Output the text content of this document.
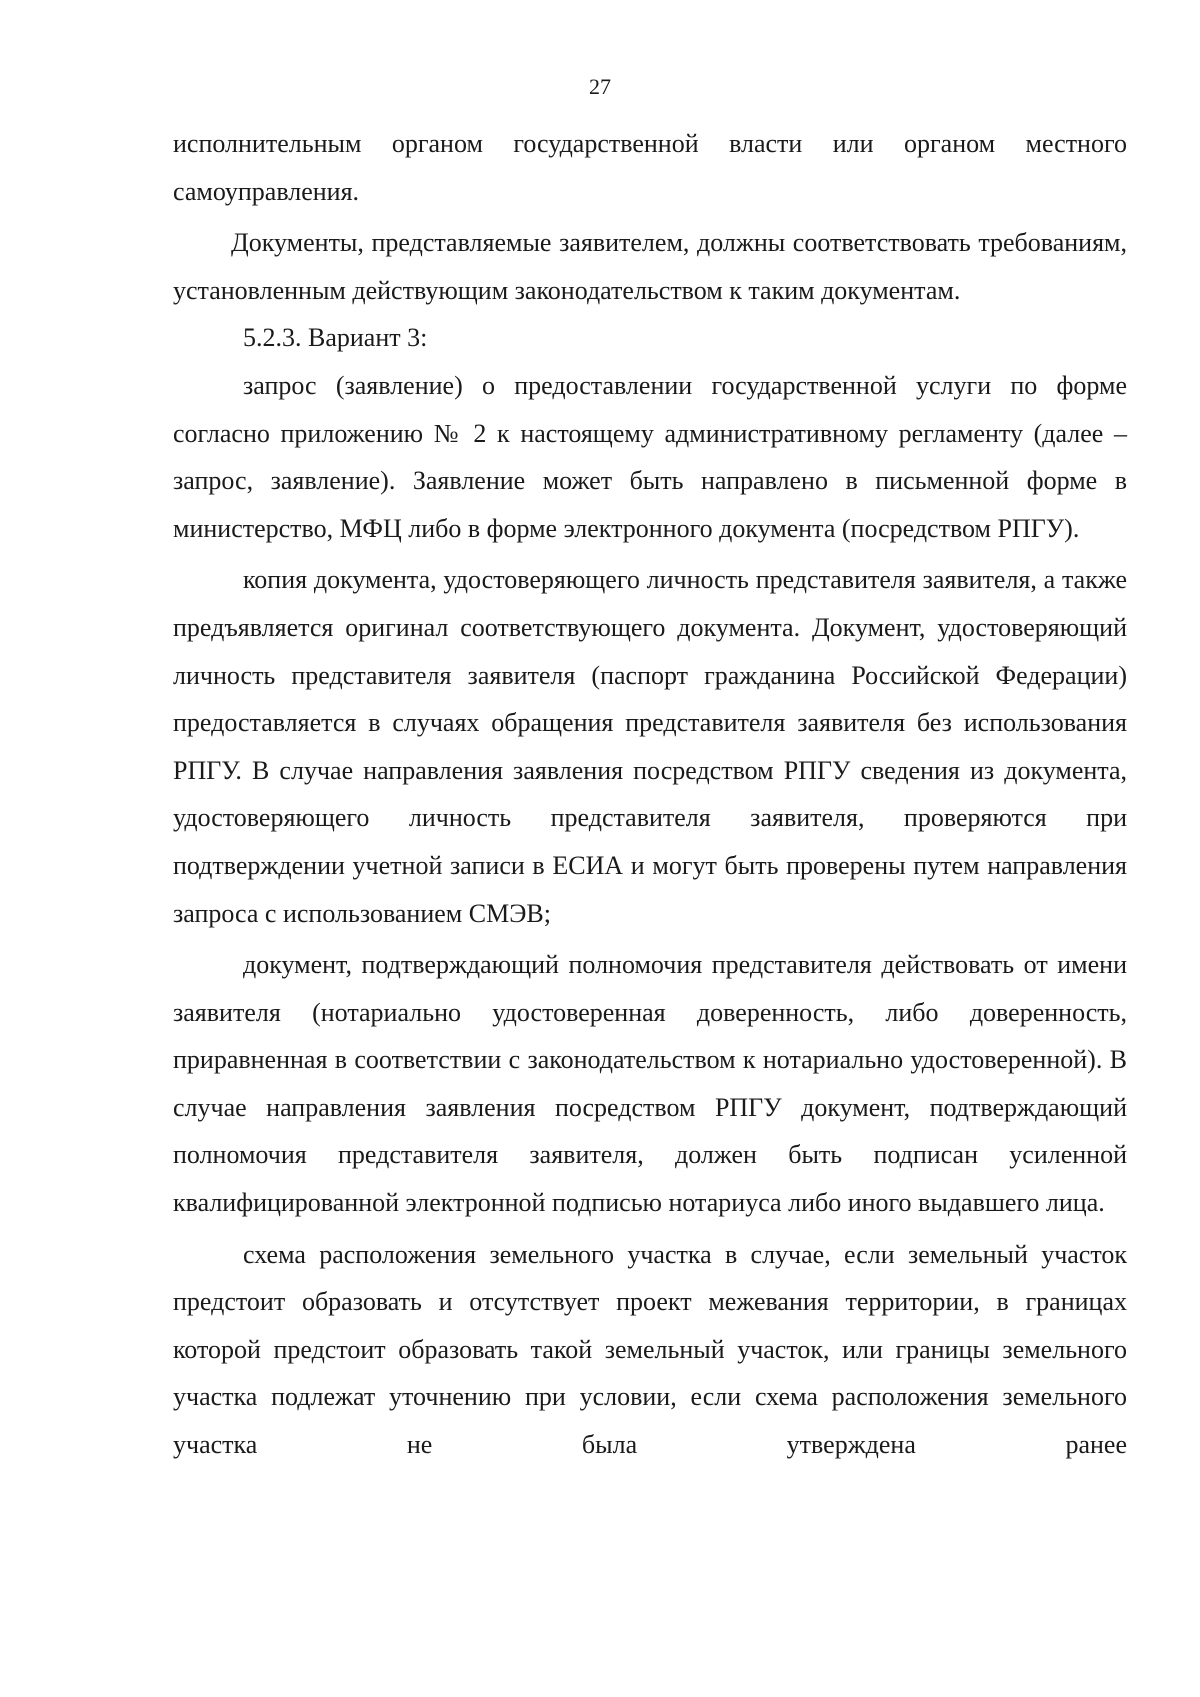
27

исполнительным органом государственной власти или органом местного самоуправления.

Документы, представляемые заявителем, должны соответствовать требованиям, установленным действующим законодательством к таким документам.

5.2.3. Вариант 3:

запрос (заявление) о предоставлении государственной услуги по форме согласно приложению № 2 к настоящему административному регламенту (далее – запрос, заявление). Заявление может быть направлено в письменной форме в министерство, МФЦ либо в форме электронного документа (посредством РПГУ).

копия документа, удостоверяющего личность представителя заявителя, а также предъявляется оригинал соответствующего документа. Документ, удостоверяющий личность представителя заявителя (паспорт гражданина Российской Федерации) предоставляется в случаях обращения представителя заявителя без использования РПГУ. В случае направления заявления посредством РПГУ сведения из документа, удостоверяющего личность представителя заявителя, проверяются при подтверждении учетной записи в ЕСИА и могут быть проверены путем направления запроса с использованием СМЭВ;

документ, подтверждающий полномочия представителя действовать от имени заявителя (нотариально удостоверенная доверенность, либо доверенность, приравненная в соответствии с законодательством к нотариально удостоверенной). В случае направления заявления посредством РПГУ документ, подтверждающий полномочия представителя заявителя, должен быть подписан усиленной квалифицированной электронной подписью нотариуса либо иного выдавшего лица.

схема расположения земельного участка в случае, если земельный участок предстоит образовать и отсутствует проект межевания территории, в границах которой предстоит образовать такой земельный участок, или границы земельного участка подлежат уточнению при условии, если схема расположения земельного участка не была утверждена ранее
